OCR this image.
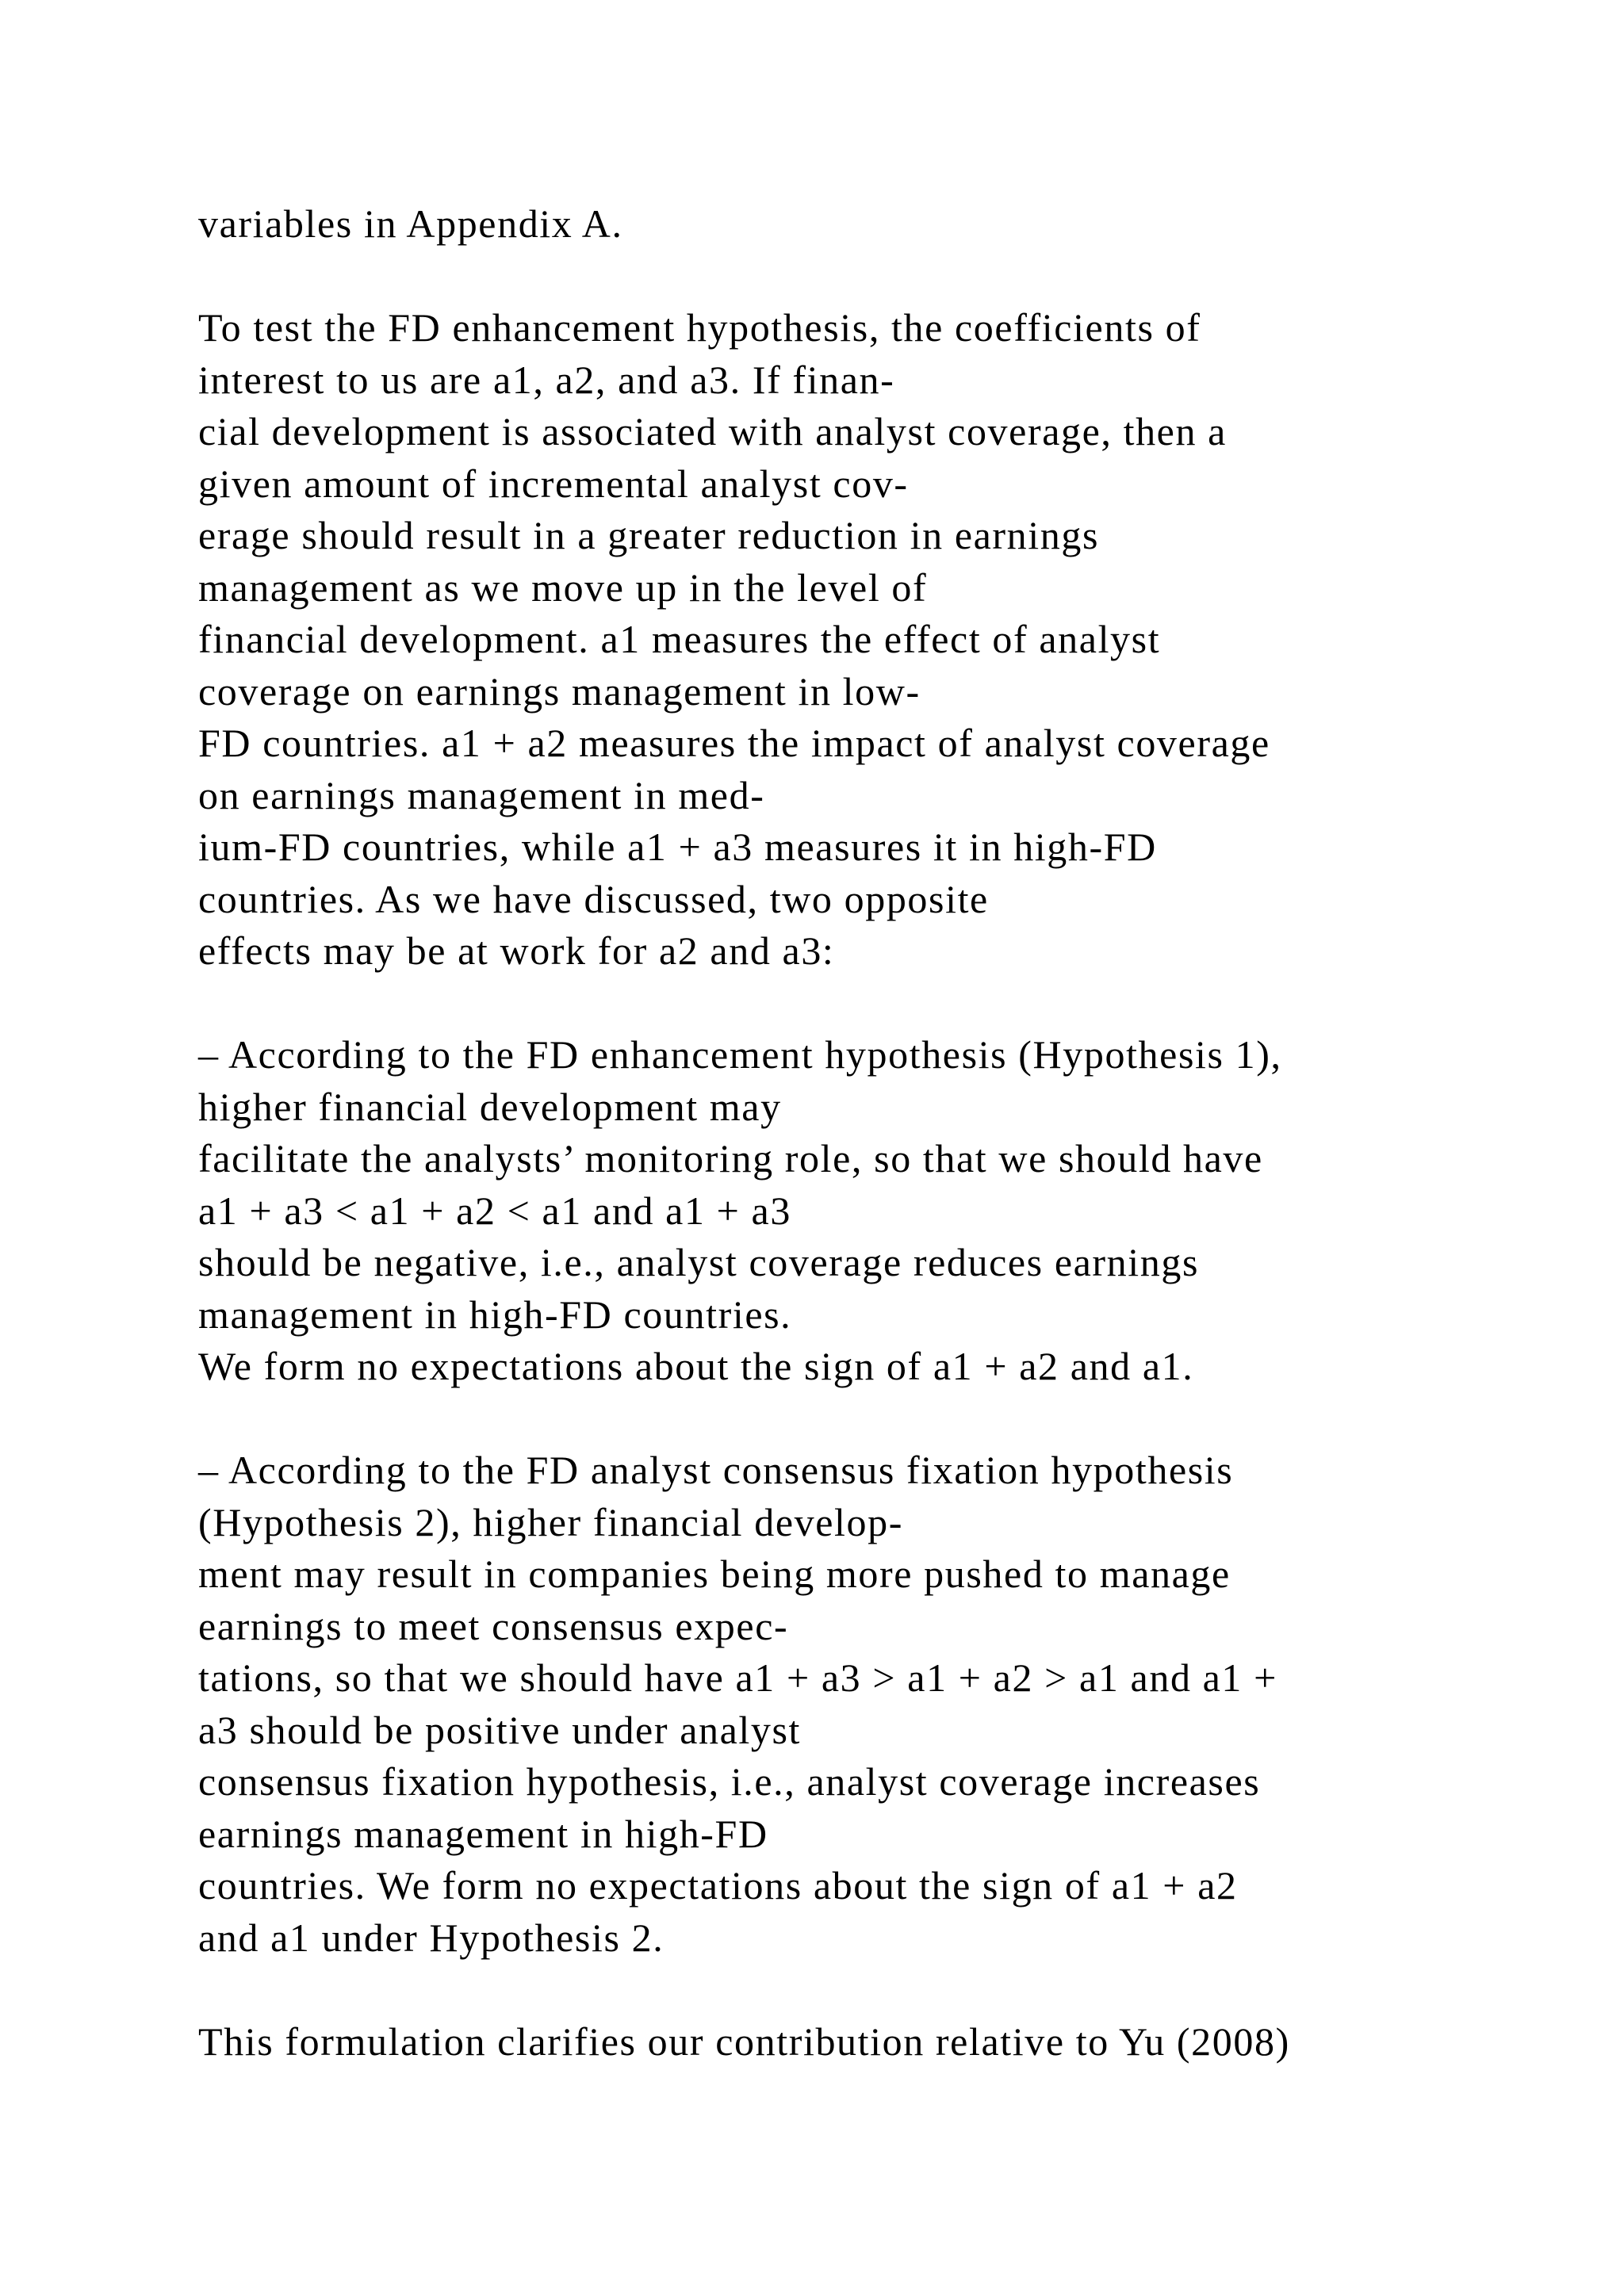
variables in Appendix A.
To test the FD enhancement hypothesis, the coefficients of
interest to us are a1, a2, and a3. If finan-
cial development is associated with analyst coverage, then a
given amount of incremental analyst cov-
erage should result in a greater reduction in earnings
management as we move up in the level of
financial development. a1 measures the effect of analyst
coverage on earnings management in low-
FD countries. a1 + a2 measures the impact of analyst coverage
on earnings management in med-
ium-FD countries, while a1 + a3 measures it in high-FD
countries. As we have discussed, two opposite
effects may be at work for a2 and a3:
– According to the FD enhancement hypothesis (Hypothesis 1),
higher financial development may
facilitate the analysts’ monitoring role, so that we should have
a1 + a3 < a1 + a2 < a1 and a1 + a3
should be negative, i.e., analyst coverage reduces earnings
management in high-FD countries.
We form no expectations about the sign of a1 + a2 and a1.
– According to the FD analyst consensus fixation hypothesis
(Hypothesis 2), higher financial develop-
ment may result in companies being more pushed to manage
earnings to meet consensus expec-
tations, so that we should have a1 + a3 > a1 + a2 > a1 and a1 +
a3 should be positive under analyst
consensus fixation hypothesis, i.e., analyst coverage increases
earnings management in high-FD
countries. We form no expectations about the sign of a1 + a2
and a1 under Hypothesis 2.
This formulation clarifies our contribution relative to Yu (2008)
